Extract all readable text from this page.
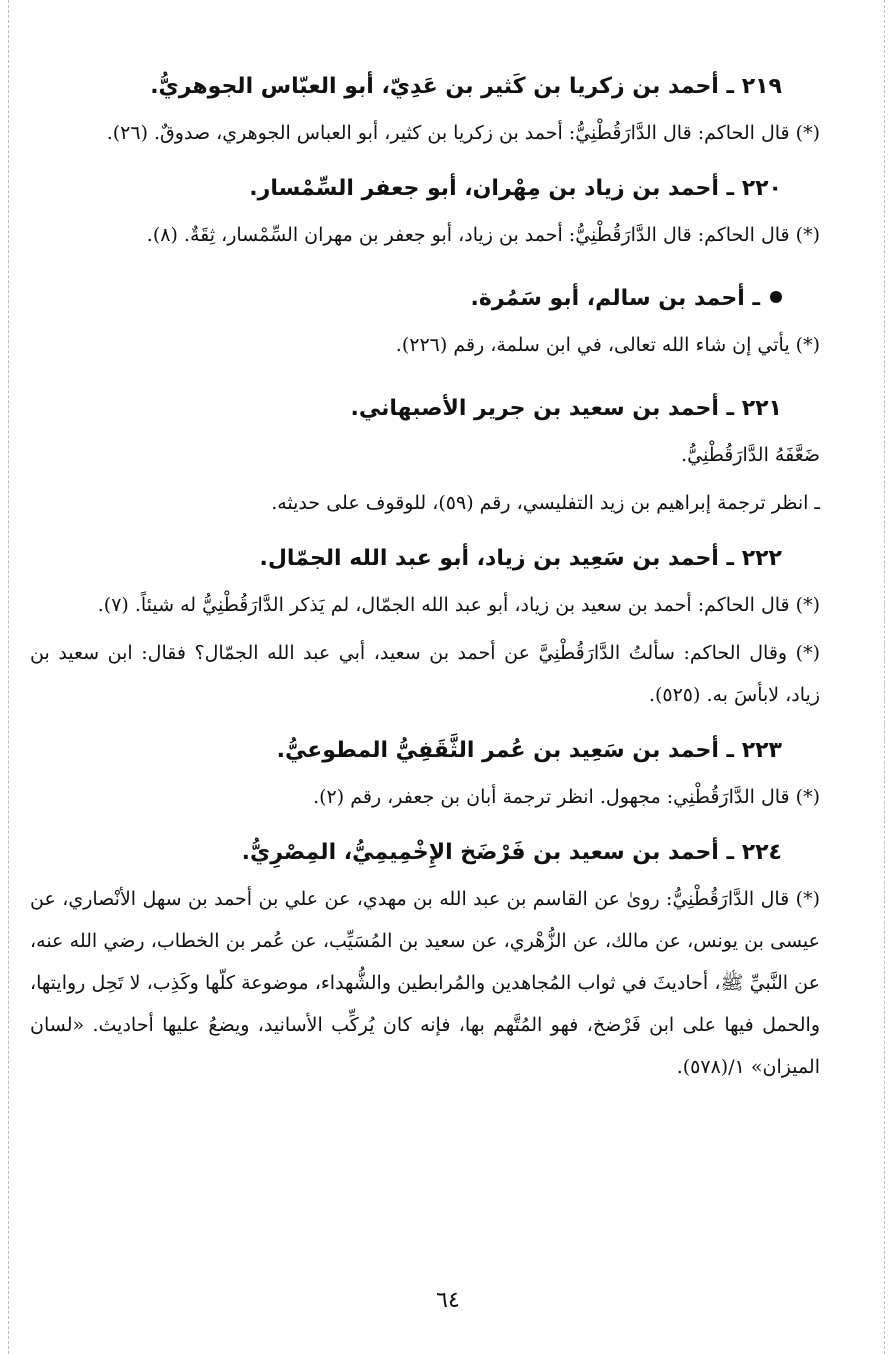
٢١٩ ـ أحمد بن زكريا بن كَثير بن عَدِيّ، أبو العبّاس الجوهريُّ.

(*) قال الحاكم: قال الدَّارَقُطْنِيُّ: أحمد بن زكريا بن كثير، أبو العباس الجوهري، صدوقٌ. (٢٦).

٢٢٠ ـ أحمد بن زياد بن مِهْران، أبو جعفر السِّمْسار.

(*) قال الحاكم: قال الدَّارَقُطْنِيُّ: أحمد بن زياد، أبو جعفر بن مهران السِّمْسار، ثِقَةٌ. (٨).

ـ أحمد بن سالم، أبو سَمُرة.

(*) يأتي إن شاء الله تعالى، في ابن سلمة، رقم (٢٢٦).

٢٢١ ـ أحمد بن سعيد بن جرير الأصبهاني.

ضَعَّفَهُ الدَّارَقُطْنِيُّ.

ـ انظر ترجمة إبراهيم بن زيد التفليسي، رقم (٥٩)، للوقوف على حديثه.

٢٢٢ ـ أحمد بن سَعِيد بن زياد، أبو عبد الله الجمّال.

(*) قال الحاكم: أحمد بن سعيد بن زياد، أبو عبد الله الجمّال، لم يَذكر الدَّارَقُطْنِيُّ له شيئاً. (٧).

(*) وقال الحاكم: سألتُ الدَّارَقُطْنِيَّ عن أحمد بن سعيد، أبي عبد الله الجمّال؟ فقال: ابن سعيد بن زياد، لابأسَ به. (٥٢٥).

٢٢٣ ـ أحمد بن سَعِيد بن عُمر الثَّقَفِيُّ المطوعيُّ.

(*) قال الدَّارَقُطْنِي: مجهول. انظر ترجمة أبان بن جعفر، رقم (٢).

٢٢٤ ـ أحمد بن سعيد بن فَرْضَخ الإِخْمِيمِيُّ، المِصْرِيُّ.

(*) قال الدَّارَقُطْنِيُّ: روىٰ عن القاسم بن عبد الله بن مهدي، عن علي بن أحمد بن سهل الأنْصاري، عن عيسى بن يونس، عن مالك، عن الزُّهْري، عن سعيد بن المُسَيِّب، عن عُمر بن الخطاب، رضي الله عنه، عن النَّبيِّ ﷺ، أحاديثَ في ثواب المُجاهدين والمُرابطين والشُّهداء، موضوعة كلّها وكَذِب، لا تَحِل روايتها، والحمل فيها على ابن فَرْضخ، فهو المُتَّهم بها، فإنه كان يُركِّب الأسانيد، ويضعُ عليها أحاديث. «لسان الميزان» ١/(٥٧٨).

٦٤
